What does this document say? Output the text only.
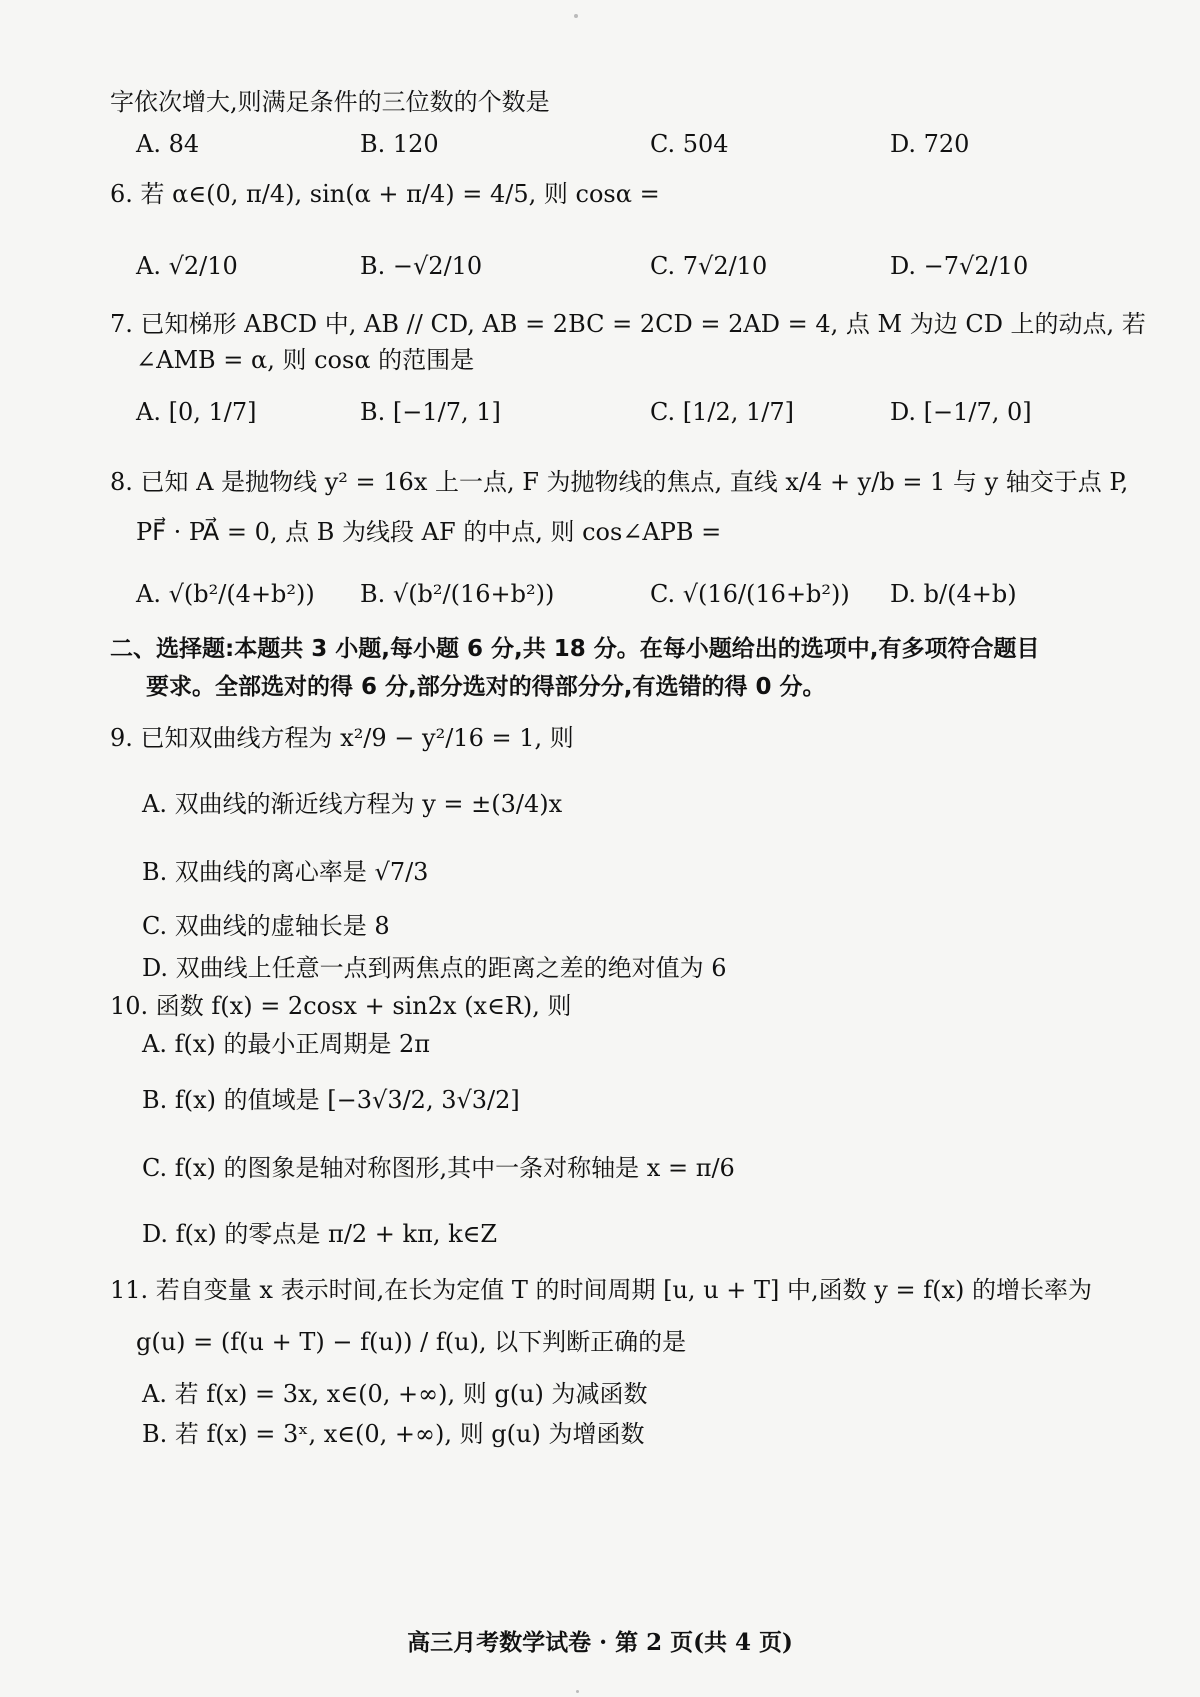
字依次增大,则满足条件的三位数的个数是
A. 84	B. 120	C. 504	D. 720
6. 若 α∈(0, π/4), sin(α + π/4) = 4/5, 则 cosα =
A. √2/10	B. −√2/10	C. 7√2/10	D. −7√2/10
7. 已知梯形 ABCD 中, AB // CD, AB = 2BC = 2CD = 2AD = 4, 点 M 为边 CD 上的动点, 若
∠AMB = α, 则 cosα 的范围是
A. [0, 1/7]	B. [−1/7, 1]	C. [1/2, 1/7]	D. [−1/7, 0]
8. 已知 A 是抛物线 y² = 16x 上一点, F 为抛物线的焦点, 直线 x/4 + y/b = 1 与 y 轴交于点 P,
PF⃗ · PA⃗ = 0, 点 B 为线段 AF 的中点, 则 cos∠APB =
A. √(b²/(4+b²)) B. √(b²/(16+b²))	C. √(16/(16+b²)) D. b/(4+b)
二、选择题:本题共 3 小题,每小题 6 分,共 18 分。在每小题给出的选项中,有多项符合题目
要求。全部选对的得 6 分,部分选对的得部分分,有选错的得 0 分。
9. 已知双曲线方程为 x²/9 − y²/16 = 1, 则
A. 双曲线的渐近线方程为 y = ±(3/4)x
B. 双曲线的离心率是 √7/3
C. 双曲线的虚轴长是 8
D. 双曲线上任意一点到两焦点的距离之差的绝对值为 6
10. 函数 f(x) = 2cosx + sin2x (x∈R), 则
A. f(x) 的最小正周期是 2π
B. f(x) 的值域是 [−3√3/2, 3√3/2]
C. f(x) 的图象是轴对称图形,其中一条对称轴是 x = π/6
D. f(x) 的零点是 π/2 + kπ, k∈Z
11. 若自变量 x 表示时间,在长为定值 T 的时间周期 [u, u + T] 中,函数 y = f(x) 的增长率为
g(u) = (f(u + T) − f(u)) / f(u), 以下判断正确的是
A. 若 f(x) = 3x, x∈(0, +∞), 则 g(u) 为减函数
B. 若 f(x) = 3ˣ, x∈(0, +∞), 则 g(u) 为增函数
高三月考数学试卷 · 第 2 页(共 4 页)
